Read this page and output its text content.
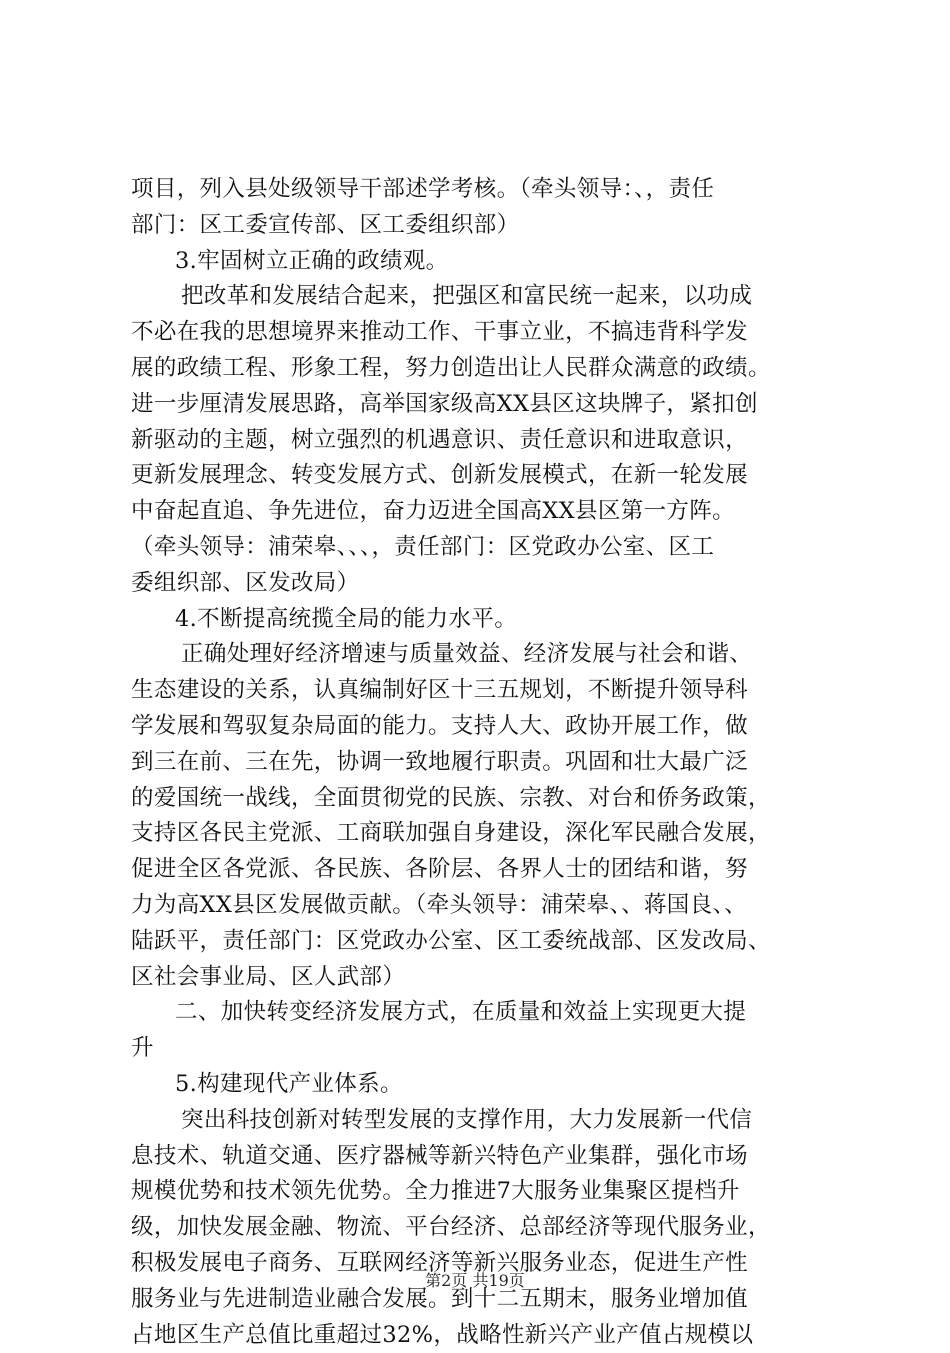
项目，列入县处级领导干部述学考核。（牵头领导：、，责任
部门：区工委宣传部、区工委组织部）
3.牢固树立正确的政绩观。
把改革和发展结合起来，把强区和富民统一起来，以功成
不必在我的思想境界来推动工作、干事立业，不搞违背科学发
展的政绩工程、形象工程，努力创造出让人民群众满意的政绩。
进一步厘清发展思路，高举国家级高XX县区这块牌子，紧扣创
新驱动的主题，树立强烈的机遇意识、责任意识和进取意识，
更新发展理念、转变发展方式、创新发展模式，在新一轮发展
中奋起直追、争先进位，奋力迈进全国高XX县区第一方阵。
（牵头领导：浦荣皋、、、，责任部门：区党政办公室、区工
委组织部、区发改局）
4.不断提高统揽全局的能力水平。
正确处理好经济增速与质量效益、经济发展与社会和谐、
生态建设的关系，认真编制好区十三五规划，不断提升领导科
学发展和驾驭复杂局面的能力。支持人大、政协开展工作，做
到三在前、三在先，协调一致地履行职责。巩固和壮大最广泛
的爱国统一战线，全面贯彻党的民族、宗教、对台和侨务政策，
支持区各民主党派、工商联加强自身建设，深化军民融合发展，
促进全区各党派、各民族、各阶层、各界人士的团结和谐，努
力为高XX县区发展做贡献。（牵头领导：浦荣皋、、蒋国良、、
陆跃平，责任部门：区党政办公室、区工委统战部、区发改局、
区社会事业局、区人武部）
二、加快转变经济发展方式，在质量和效益上实现更大提
升
5.构建现代产业体系。
突出科技创新对转型发展的支撑作用，大力发展新一代信
息技术、轨道交通、医疗器械等新兴特色产业集群，强化市场
规模优势和技术领先优势。全力推进7大服务业集聚区提档升
级，加快发展金融、物流、平台经济、总部经济等现代服务业，
积极发展电子商务、互联网经济等新兴服务业态，促进生产性
服务业与先进制造业融合发展。到十二五期末，服务业增加值
占地区生产总值比重超过32%，战略性新兴产业产值占规模以
第2页 共19页
